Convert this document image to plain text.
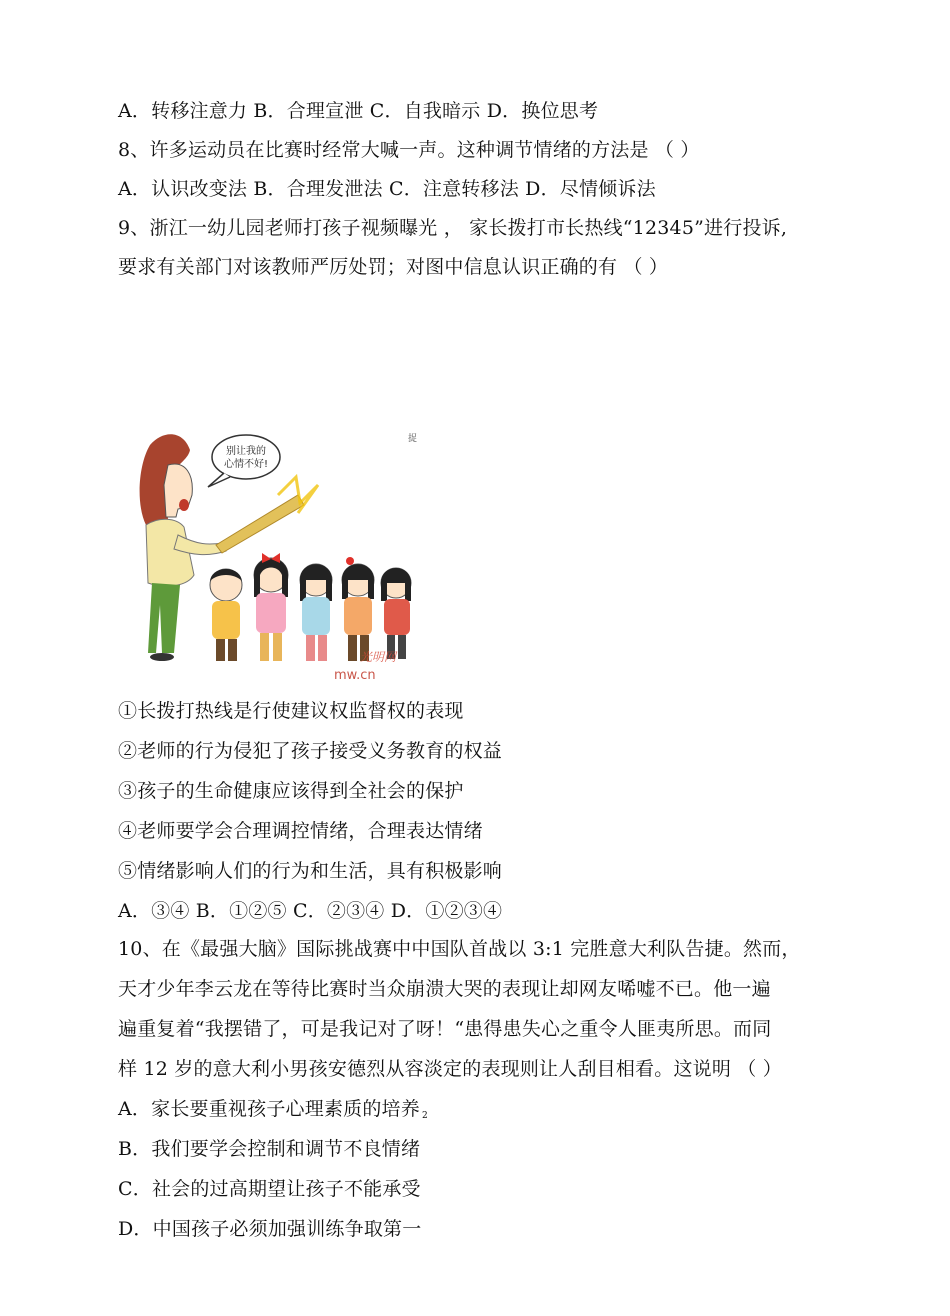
A．转移注意力 B．合理宣泄 C．自我暗示 D．换位思考
8、许多运动员在比赛时经常大喊一声。这种调节情绪的方法是 （ ）
A．认识改变法 B．合理发泄法 C．注意转移法 D．尽情倾诉法
9、浙江一幼儿园老师打孩子视频曝光 ， 家长拨打市长热线“12345”进行投诉,
要求有关部门对该教师严厉处罚；对图中信息认识正确的有 （ ）
别让我的
心情不好!
捉
光明网
mw.cn
①长拨打热线是行使建议权监督权的表现
②老师的行为侵犯了孩子接受义务教育的权益
③孩子的生命健康应该得到全社会的保护
④老师要学会合理调控情绪，合理表达情绪
⑤情绪影响人们的行为和生活，具有积极影响
A．③④ B．①②⑤ C．②③④ D．①②③④
10、在《最强大脑》国际挑战赛中中国队首战以 3:1 完胜意大利队告捷。然而，
天才少年李云龙在等待比赛时当众崩溃大哭的表现让却网友唏嘘不已。他一遍
遍重复着“我摆错了，可是我记对了呀！“患得患失心之重令人匪夷所思。而同
样 12 岁的意大利小男孩安德烈从容淡定的表现则让人刮目相看。这说明 （ ）
A．家长要重视孩子心理素质的培养 2
B．我们要学会控制和调节不良情绪
C．社会的过高期望让孩子不能承受
D．中国孩子必须加强训练争取第一
